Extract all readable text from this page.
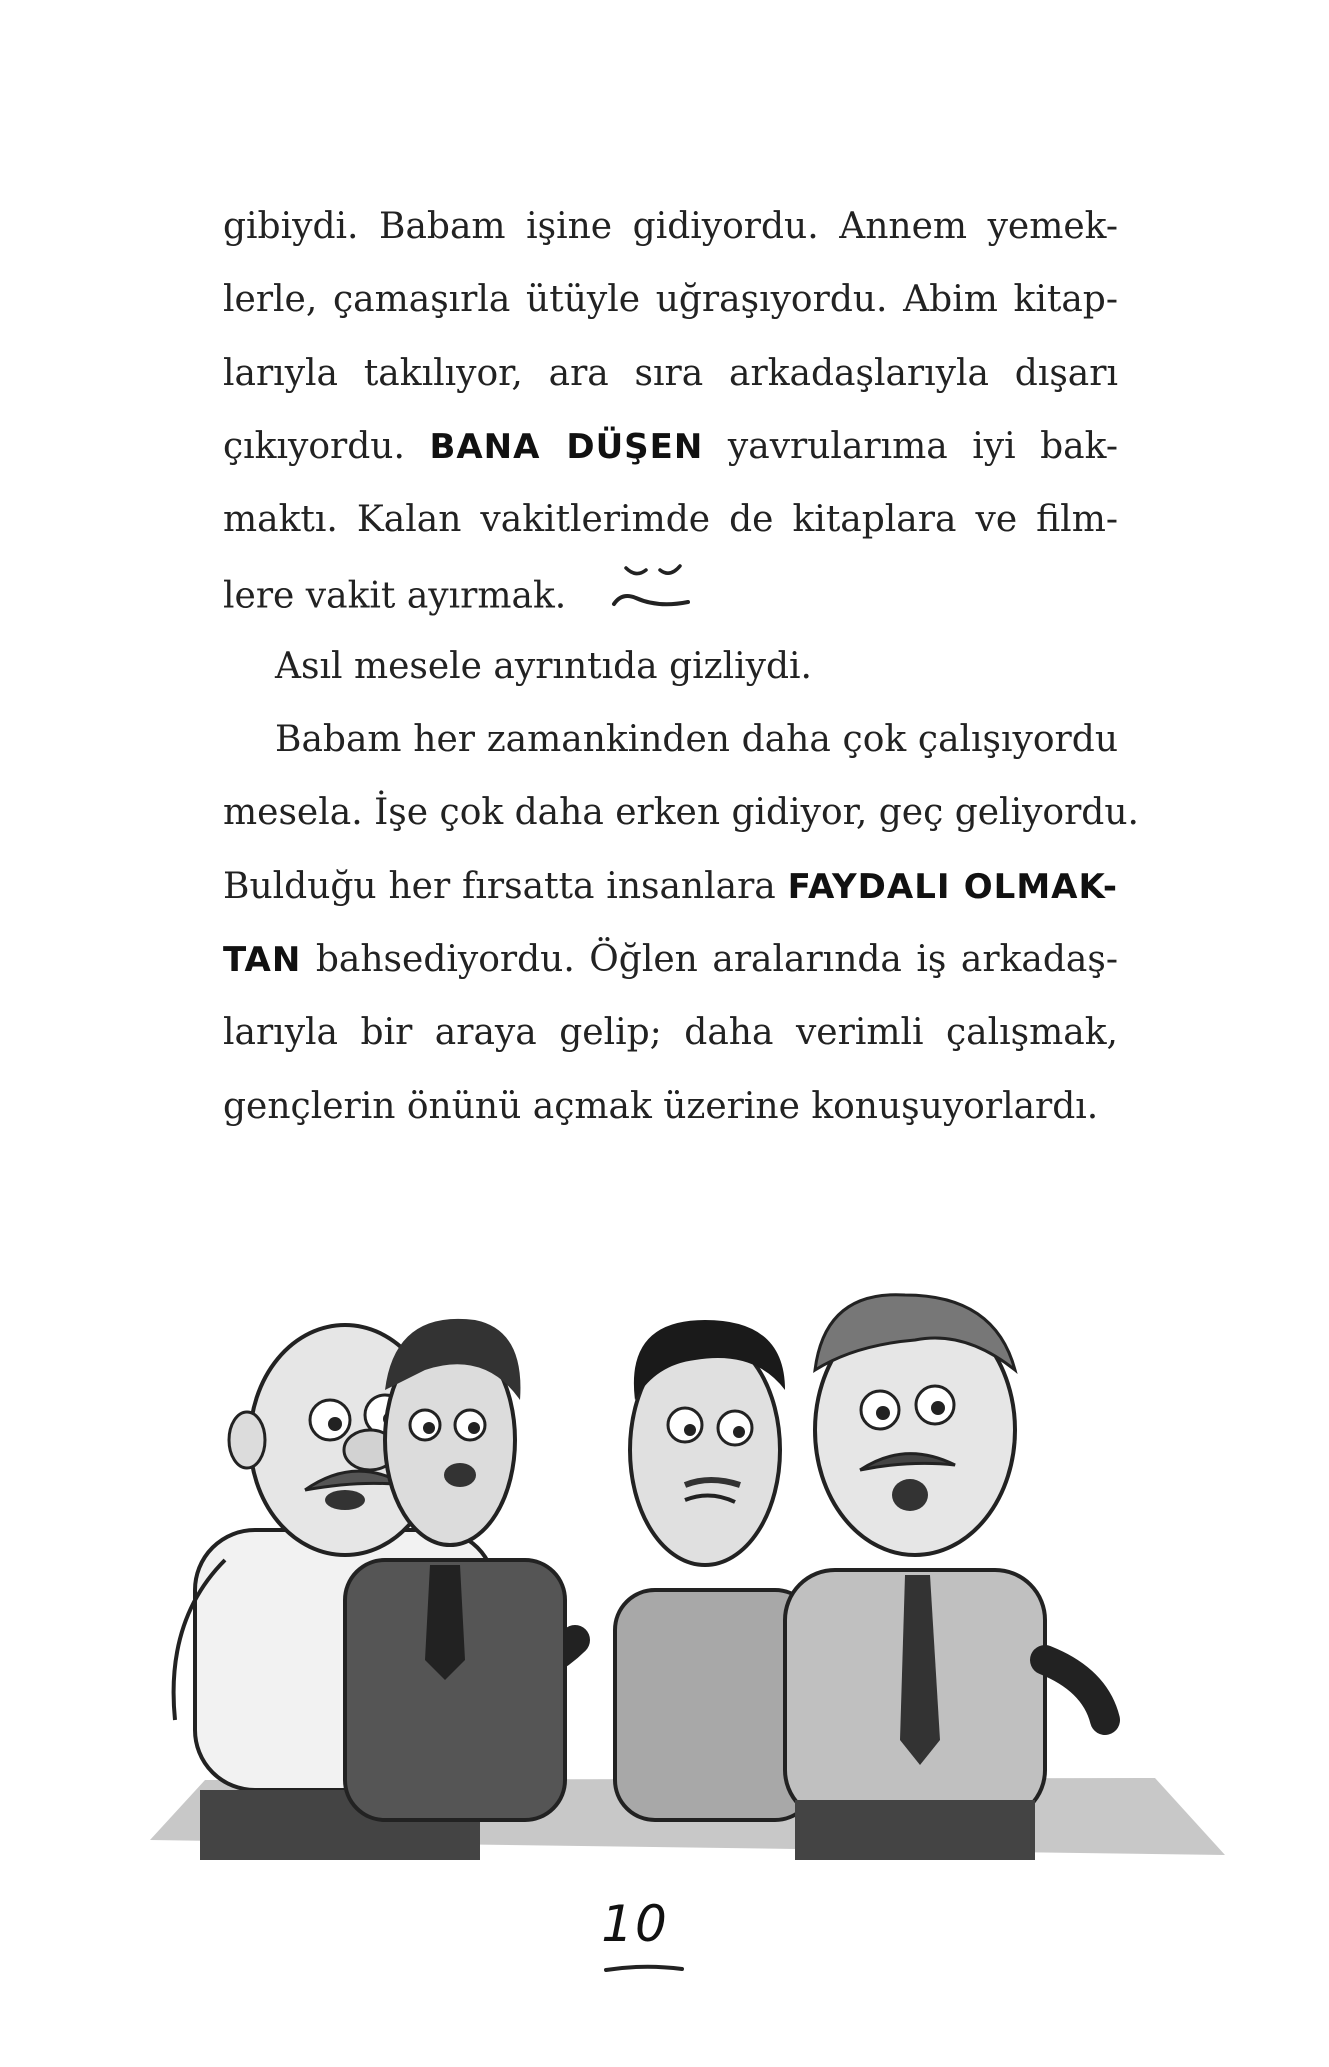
gibiydi. Babam işine gidiyordu. Annem yemek-
lerle, çamaşırla ütüyle uğraşıyordu. Abim kitap-
larıyla takılıyor, ara sıra arkadaşlarıyla dışarı
çıkıyordu. BANA DÜŞEN yavrularıma iyi bak-
maktı. Kalan vakitlerimde de kitaplara ve film-
lere vakit ayırmak.
Asıl mesele ayrıntıda gizliydi.
Babam her zamankinden daha çok çalışıyordu
mesela. İşe çok daha erken gidiyor, geç geliyordu.
Bulduğu her fırsatta insanlara FAYDALI OLMAK-
TAN bahsediyordu. Öğlen aralarında iş arkadaş-
larıyla bir araya gelip; daha verimli çalışmak,
gençlerin önünü açmak üzerine konuşuyorlardı.
10
